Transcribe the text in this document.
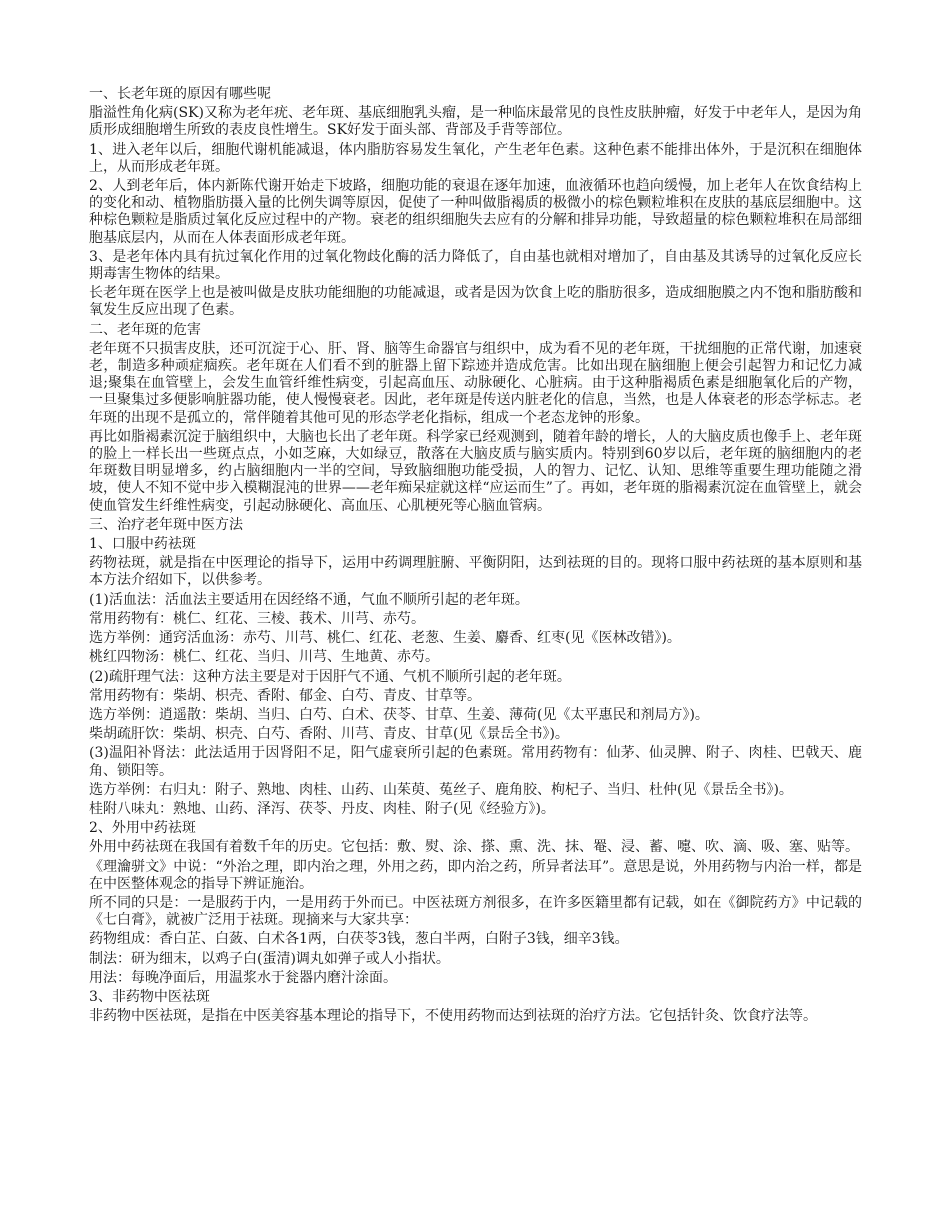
一、长老年斑的原因有哪些呢
脂溢性角化病(SK)又称为老年疣、老年斑、基底细胞乳头瘤，是一种临床最常见的良性皮肤肿瘤，好发于中老年人，是因为角质形成细胞增生所致的表皮良性增生。SK好发于面头部、背部及手背等部位。
1、进入老年以后，细胞代谢机能减退，体内脂肪容易发生氧化，产生老年色素。这种色素不能排出体外，于是沉积在细胞体上，从而形成老年斑。
2、人到老年后，体内新陈代谢开始走下坡路，细胞功能的衰退在逐年加速，血液循环也趋向缓慢，加上老年人在饮食结构上的变化和动、植物脂肪摄入量的比例失调等原因，促使了一种叫做脂褐质的极微小的棕色颗粒堆积在皮肤的基底层细胞中。这种棕色颗粒是脂质过氧化反应过程中的产物。衰老的组织细胞失去应有的分解和排异功能，导致超量的棕色颗粒堆积在局部细胞基底层内，从而在人体表面形成老年斑。
3、是老年体内具有抗过氧化作用的过氧化物歧化酶的活力降低了，自由基也就相对增加了，自由基及其诱导的过氧化反应长期毒害生物体的结果。
长老年斑在医学上也是被叫做是皮肤功能细胞的功能减退，或者是因为饮食上吃的脂肪很多，造成细胞膜之内不饱和脂肪酸和氧发生反应出现了色素。
二、老年斑的危害
老年斑不只损害皮肤，还可沉淀于心、肝、肾、脑等生命器官与组织中，成为看不见的老年斑，干扰细胞的正常代谢，加速衰老，制造多种顽症痼疾。老年斑在人们看不到的脏器上留下踪迹并造成危害。比如出现在脑细胞上便会引起智力和记忆力减退;聚集在血管壁上，会发生血管纤维性病变，引起高血压、动脉硬化、心脏病。由于这种脂褐质色素是细胞氧化后的产物，一旦聚集过多便影响脏器功能，使人慢慢衰老。因此，老年斑是传送内脏老化的信息，当然，也是人体衰老的形态学标志。老年斑的出现不是孤立的，常伴随着其他可见的形态学老化指标，组成一个老态龙钟的形象。
再比如脂褐素沉淀于脑组织中，大脑也长出了老年斑。科学家已经观测到，随着年龄的增长，人的大脑皮质也像手上、老年斑的脸上一样长出一些斑点点，小如芝麻，大如绿豆，散落在大脑皮质与脑实质内。特别到60岁以后，老年斑的脑细胞内的老年斑数目明显增多，约占脑细胞内一半的空间，导致脑细胞功能受损，人的智力、记忆、认知、思维等重要生理功能随之滑坡，使人不知不觉中步入模糊混沌的世界——老年痴呆症就这样“应运而生”了。再如，老年斑的脂褐素沉淀在血管壁上，就会使血管发生纤维性病变，引起动脉硬化、高血压、心肌梗死等心脑血管病。
三、治疗老年斑中医方法
1、口服中药祛斑
药物祛斑，就是指在中医理论的指导下，运用中药调理脏腑、平衡阴阳，达到祛斑的目的。现将口服中药祛斑的基本原则和基本方法介绍如下，以供参考。
(1)活血法：活血法主要适用在因经络不通，气血不顺所引起的老年斑。
常用药物有：桃仁、红花、三棱、莪术、川芎、赤芍。
选方举例：通窍活血汤：赤芍、川芎、桃仁、红花、老葱、生姜、麝香、红枣(见《医林改错》)。
桃红四物汤：桃仁、红花、当归、川芎、生地黄、赤芍。
(2)疏肝理气法：这种方法主要是对于因肝气不通、气机不顺所引起的老年斑。
常用药物有：柴胡、枳壳、香附、郁金、白芍、青皮、甘草等。
选方举例：逍遥散：柴胡、当归、白芍、白术、茯苓、甘草、生姜、薄荷(见《太平惠民和剂局方》)。
柴胡疏肝饮：柴胡、枳壳、白芍、香附、川芎、青皮、甘草(见《景岳全书》)。
(3)温阳补肾法：此法适用于因肾阳不足，阳气虚衰所引起的色素斑。常用药物有：仙茅、仙灵脾、附子、肉桂、巴戟天、鹿角、锁阳等。
选方举例：右归丸：附子、熟地、肉桂、山药、山茱萸、菟丝子、鹿角胶、枸杞子、当归、杜仲(见《景岳全书》)。
桂附八味丸：熟地、山药、泽泻、茯苓、丹皮、肉桂、附子(见《经验方》)。
2、外用中药祛斑
外用中药祛斑在我国有着数千年的历史。它包括：敷、熨、涂、搽、熏、洗、抹、罨、浸、蓄、嚏、吹、滴、吸、塞、贴等。
《理瀹骈文》中说：“外治之理，即内治之理，外用之药，即内治之药，所异者法耳”。意思是说，外用药物与内治一样，都是在中医整体观念的指导下辨证施治。
所不同的只是：一是服药于内，一是用药于外而已。中医祛斑方剂很多，在许多医籍里都有记载，如在《御院药方》中记载的《七白膏》，就被广泛用于祛斑。现摘来与大家共享：
药物组成：香白芷、白蔹、白术各1两，白茯苓3钱，葱白半两，白附子3钱，细辛3钱。
制法：研为细末，以鸡子白(蛋清)调丸如弹子或人小指状。
用法：每晚净面后，用温浆水于瓮器内磨汁涂面。
3、非药物中医祛斑
非药物中医祛斑，是指在中医美容基本理论的指导下，不使用药物而达到祛斑的治疗方法。它包括针灸、饮食疗法等。
